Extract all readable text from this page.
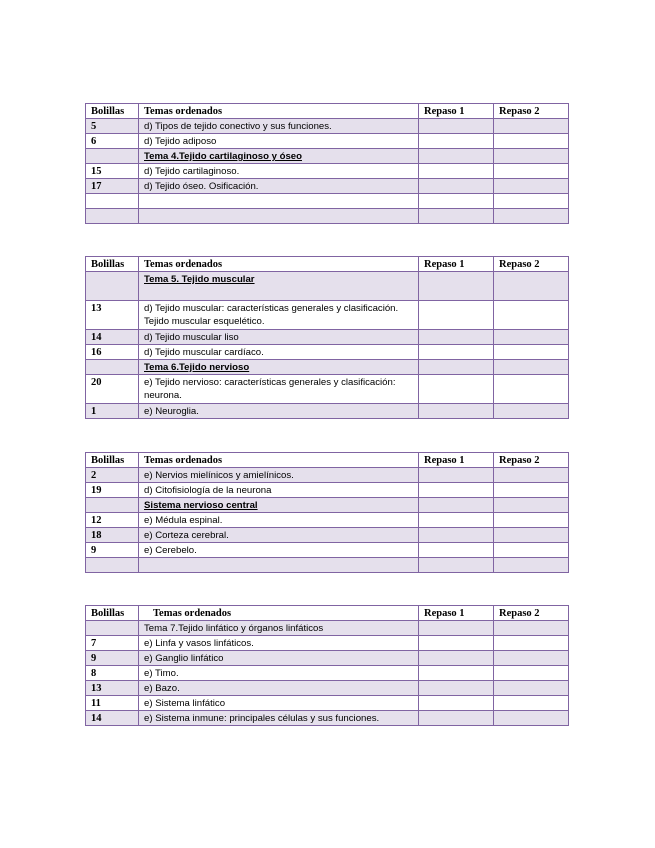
Bolillas	Temas ordenados	Repaso 1	Repaso 2
5	d) Tipos de tejido conectivo y sus funciones.		
6	d) Tejido adiposo		
	Tema 4.Tejido cartilaginoso y óseo		
15	d) Tejido cartilaginoso.		
17	d) Tejido óseo. Osificación.		

Bolillas	Temas ordenados	Repaso 1	Repaso 2
	Tema 5. Tejido muscular		
13	d) Tejido muscular: características generales y clasificación. Tejido muscular esquelético.		
14	d) Tejido muscular liso		
16	d) Tejido muscular cardíaco.		
	Tema 6.Tejido nervioso		
20	e) Tejido nervioso: características generales y clasificación: neurona.		
1	e) Neuroglia.		
Bolillas	Temas ordenados	Repaso 1	Repaso 2
2	e) Nervios mielínicos y amielínicos.		
19	d) Citofisiología de la neurona		
	Sistema nervioso central		
12	e) Médula espinal.		
18	e) Corteza cerebral.		
9	e) Cerebelo.		

Bolillas	Temas ordenados	Repaso 1	Repaso 2
	Tema 7.Tejido linfático y órganos linfáticos		
7	e) Linfa y vasos linfáticos.		
9	e) Ganglio linfático		
8	e) Timo.		
13	e) Bazo.		
11	e) Sistema linfático		
14	e) Sistema inmune: principales células y sus funciones.		
